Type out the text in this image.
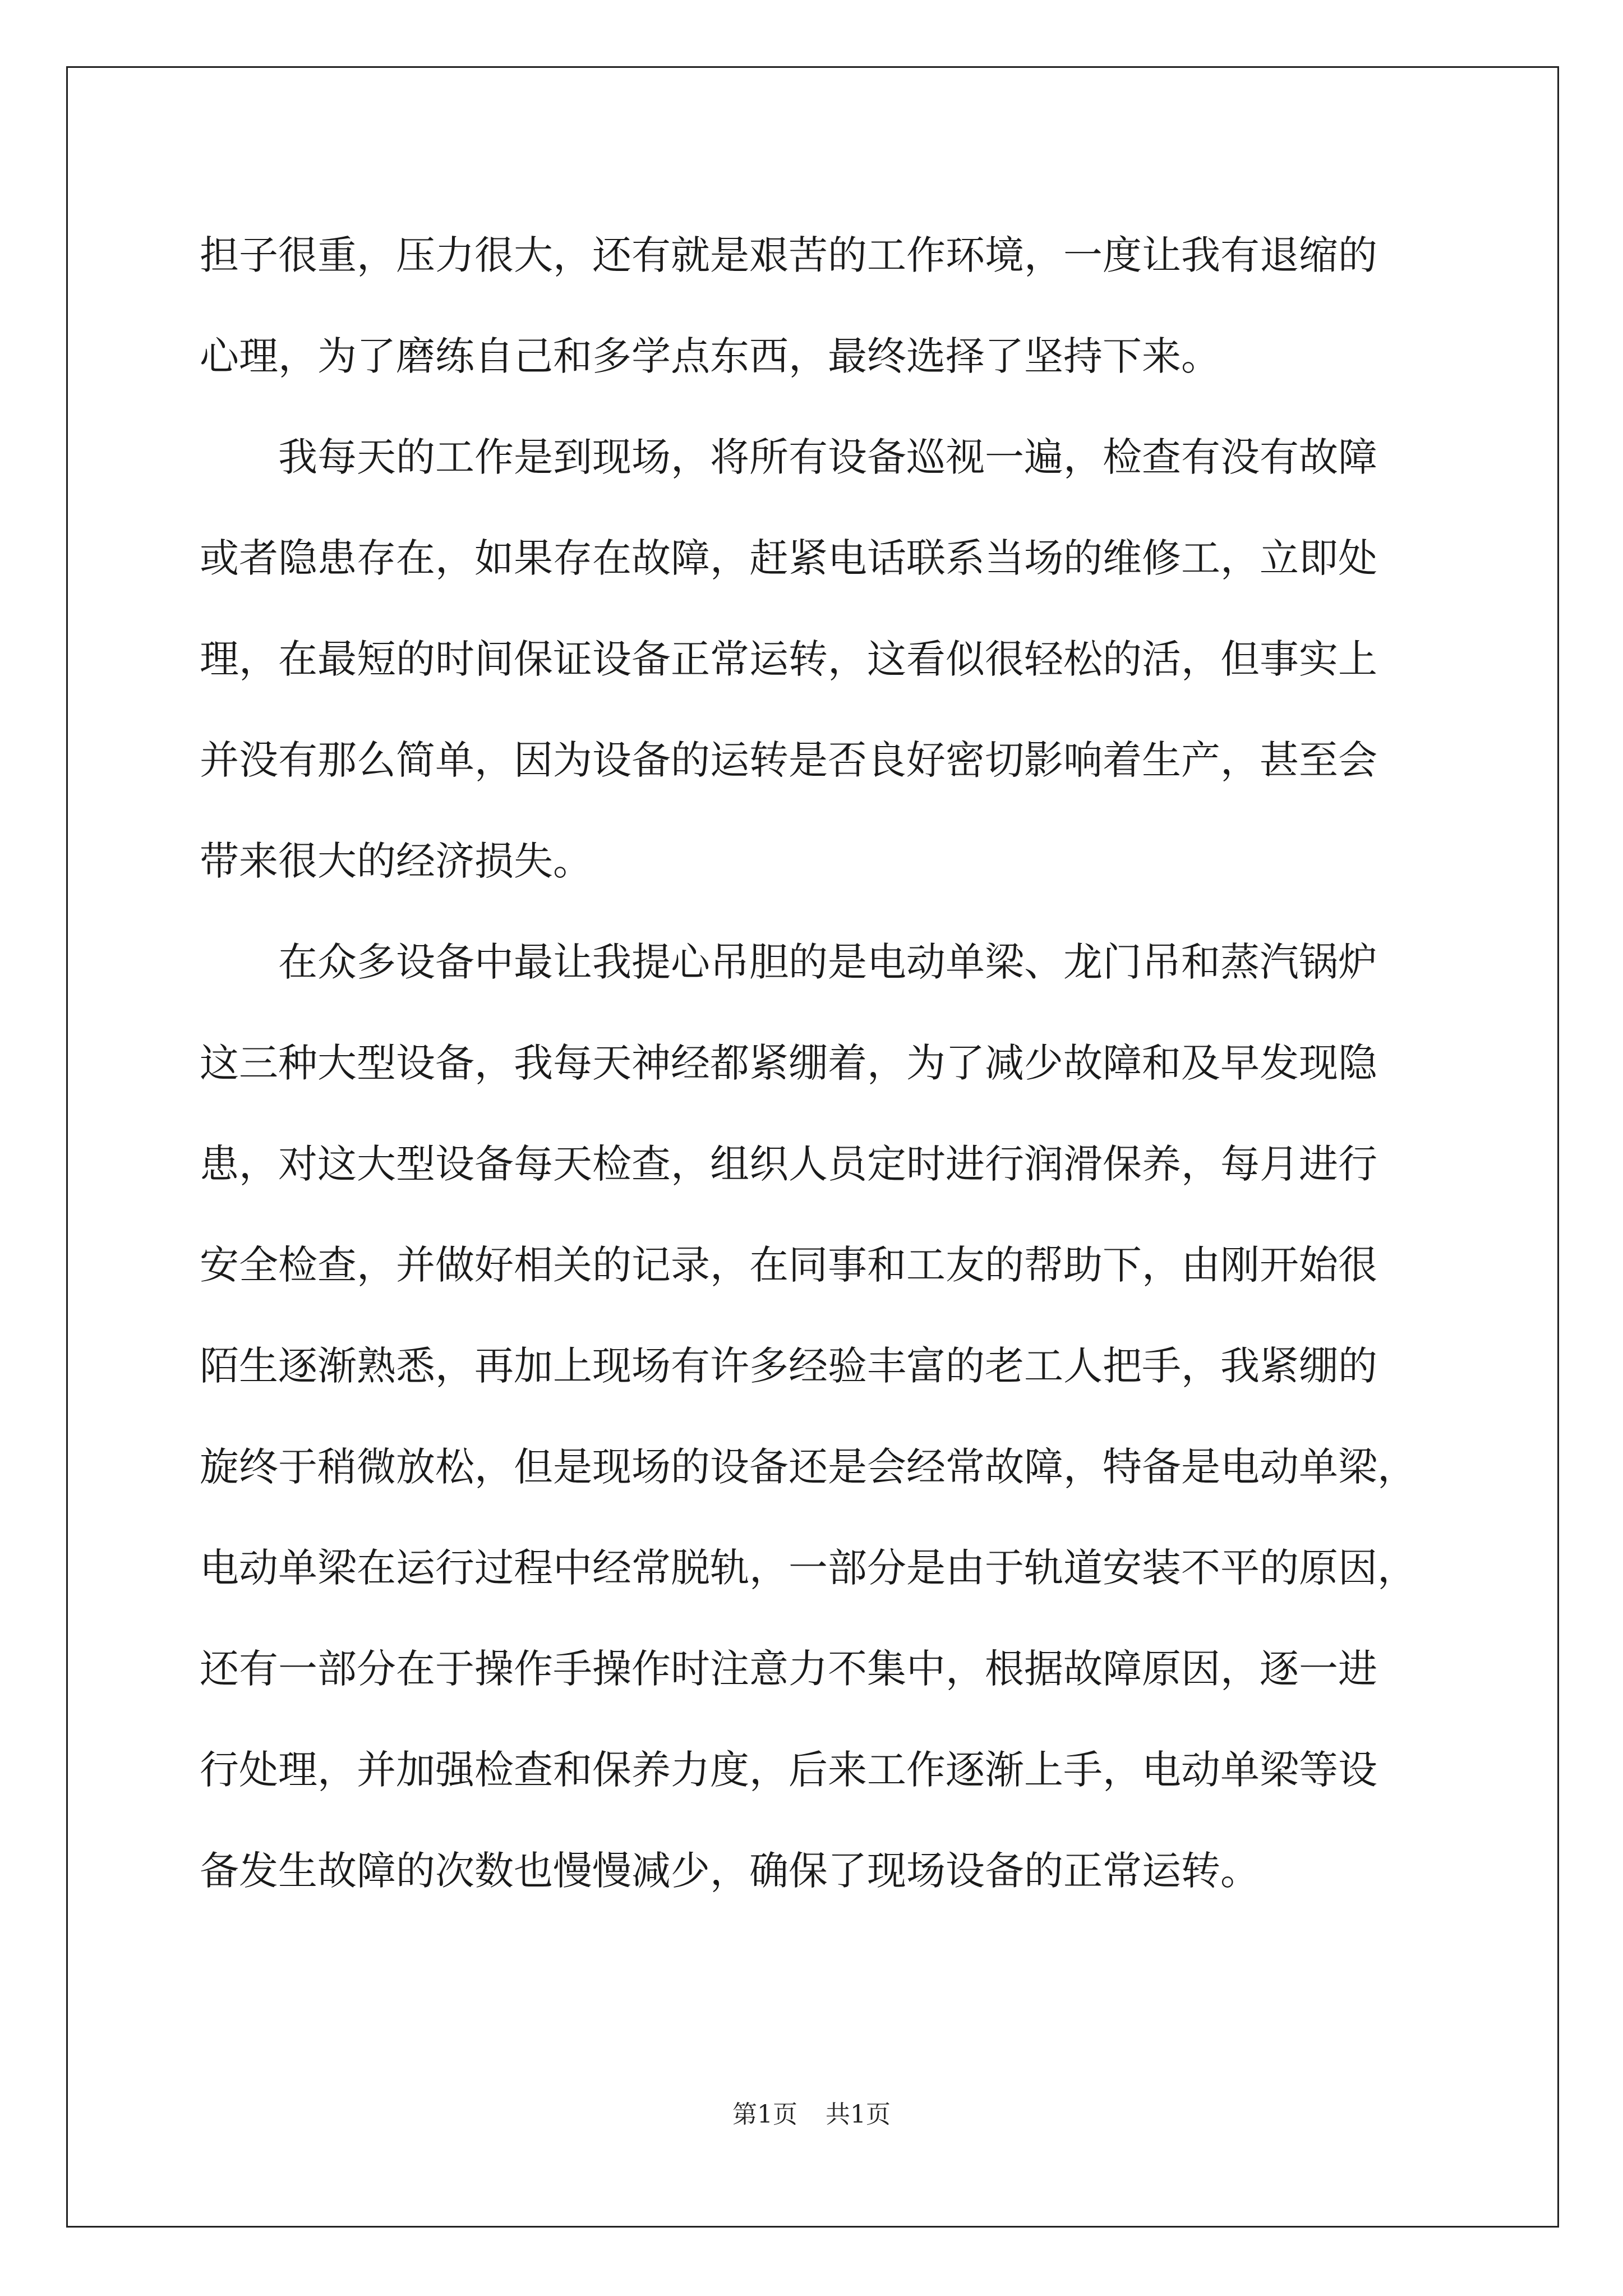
担子很重，压力很大，还有就是艰苦的工作环境，一度让我有退缩的
心理，为了磨练自己和多学点东西，最终选择了坚持下来。
我每天的工作是到现场，将所有设备巡视一遍，检查有没有故障
或者隐患存在，如果存在故障，赶紧电话联系当场的维修工，立即处
理，在最短的时间保证设备正常运转，这看似很轻松的活，但事实上
并没有那么简单，因为设备的运转是否良好密切影响着生产，甚至会
带来很大的经济损失。
在众多设备中最让我提心吊胆的是电动单梁、龙门吊和蒸汽锅炉
这三种大型设备，我每天神经都紧绷着，为了减少故障和及早发现隐
患，对这大型设备每天检查，组织人员定时进行润滑保养，每月进行
安全检查，并做好相关的记录，在同事和工友的帮助下，由刚开始很
陌生逐渐熟悉，再加上现场有许多经验丰富的老工人把手，我紧绷的
旋终于稍微放松，但是现场的设备还是会经常故障，特备是电动单梁，
电动单梁在运行过程中经常脱轨，一部分是由于轨道安装不平的原因，
还有一部分在于操作手操作时注意力不集中，根据故障原因，逐一进
行处理，并加强检查和保养力度，后来工作逐渐上手，电动单梁等设
备发生故障的次数也慢慢减少，确保了现场设备的正常运转。
第1页 共1页
